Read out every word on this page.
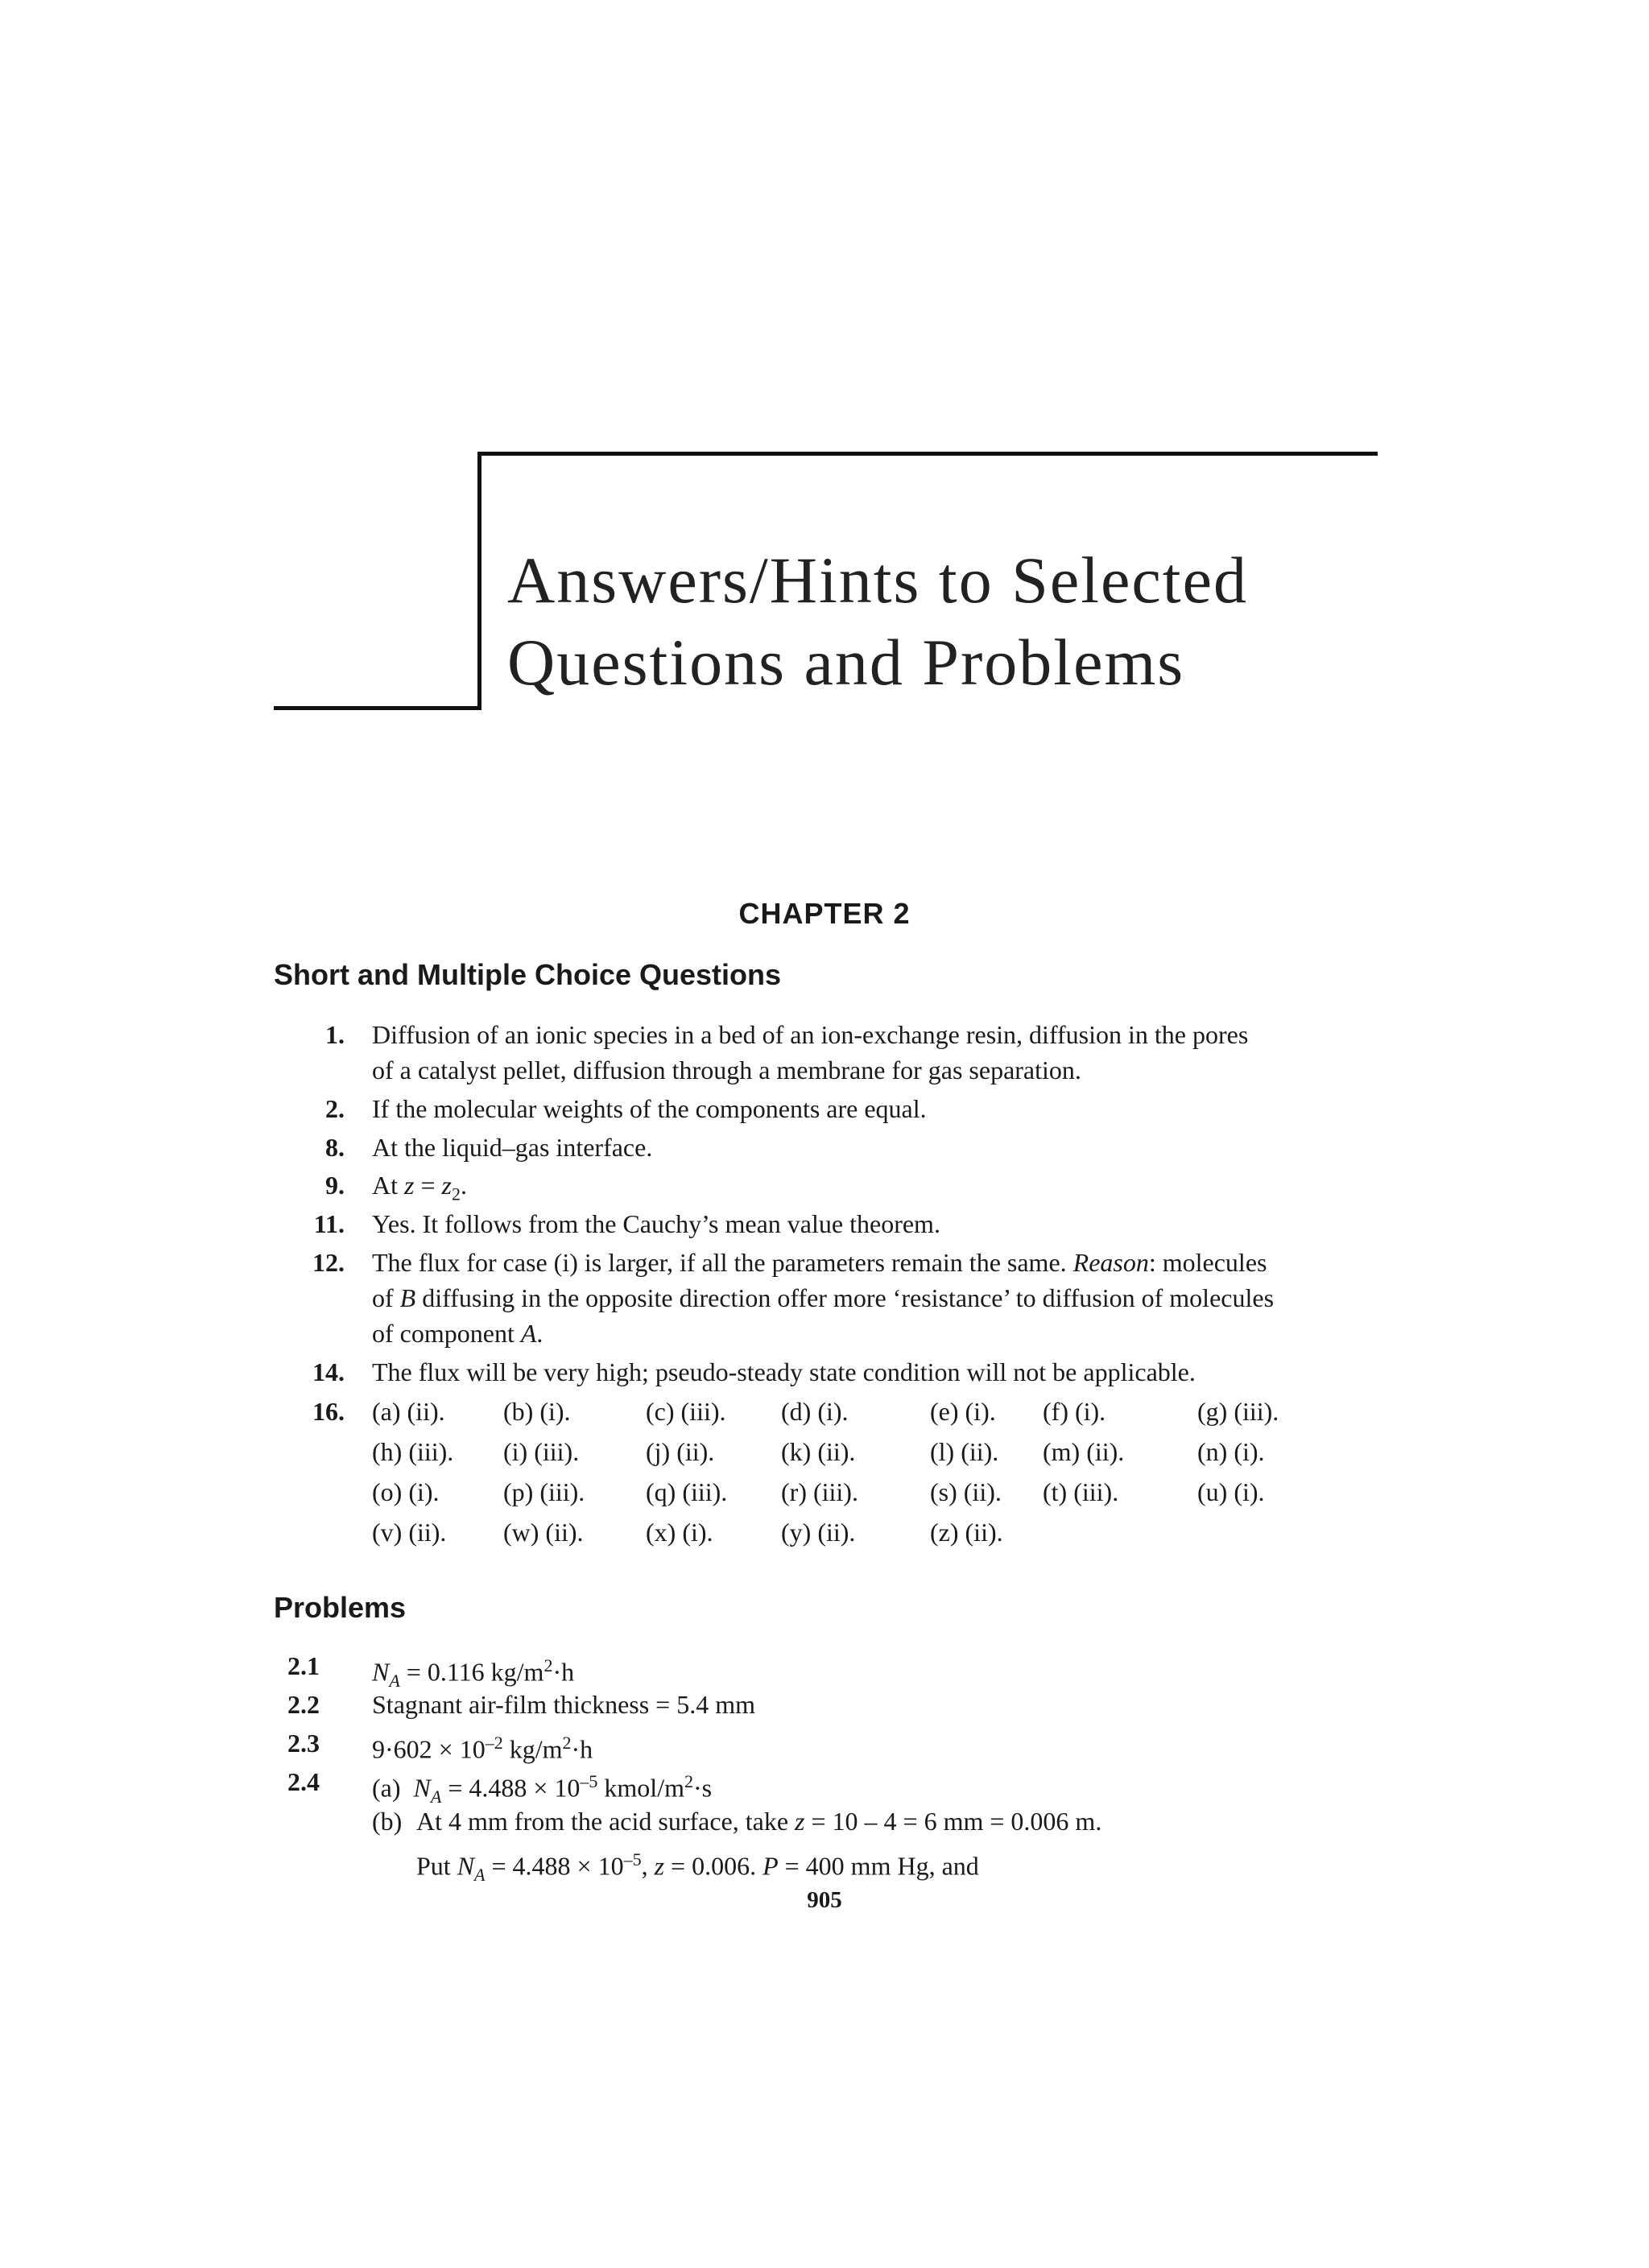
Answers/Hints to Selected
Questions and Problems
CHAPTER 2
Short and Multiple Choice Questions
1. Diffusion of an ionic species in a bed of an ion-exchange resin, diffusion in the pores
of a catalyst pellet, diffusion through a membrane for gas separation.
2. If the molecular weights of the components are equal.
8. At the liquid–gas interface.
9. At $z = z_2$.
11. Yes. It follows from the Cauchy’s mean value theorem.
12. The flux for case (i) is larger, if all the parameters remain the same. Reason: molecules
of B diffusing in the opposite direction offer more ‘resistance’ to diffusion of molecules
of component A.
14. The flux will be very high; pseudo-steady state condition will not be applicable.
16. (a) (ii). (b) (i).	(c) (iii). (d) (i).	(e) (i). (f) (i).	(g) (iii).
(h) (iii). (i) (iii).	(j) (ii).	(k) (ii).	(l) (ii). (m) (ii).	(n) (i).
(o) (i). (p) (iii). (q) (iii). (r) (iii).	(s) (ii). (t) (iii).	(u) (i).
(v) (ii). (w) (ii). (x) (i).	(y) (ii).	(z) (ii).
Problems
2.1 $N_A = 0.116$ $kg/m^2\cdot h$
2.2 Stagnant air-film thickness = 5.4 mm
2.3 $9\cdot 602 \times 10^{-2}$ $kg/m^2\cdot h$
2.4 (a) $N_A = 4.488 \times 10^{-5}$ kmol/$m^2\cdot s$
(b) At 4 mm from the acid surface, take z = 10 – 4 = 6 mm = 0.006 m.
Put $N_A = 4.488 \times 10^{-5}$, z = 0.006. P = 400 mm Hg, and
905
